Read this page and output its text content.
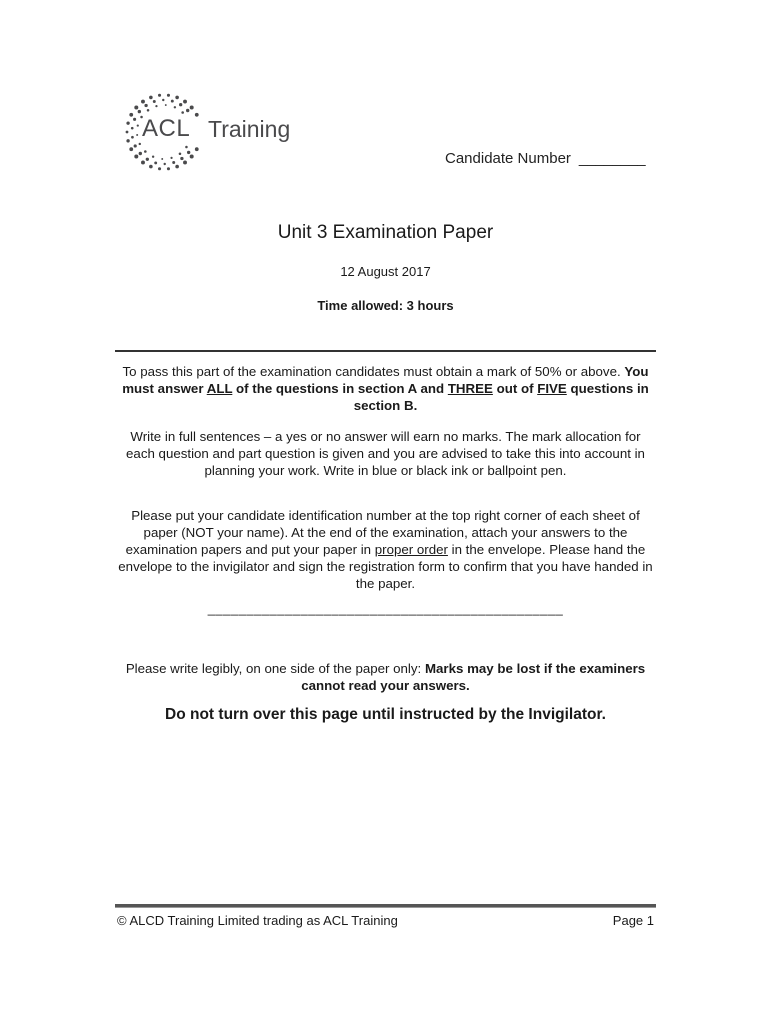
ACL Training
Candidate Number ________
Unit 3 Examination Paper
12 August 2017
Time allowed: 3 hours
To pass this part of the examination candidates must obtain a mark of 50% or above. You must answer ALL of the questions in section A and THREE out of FIVE questions in section B.
Write in full sentences – a yes or no answer will earn no marks. The mark allocation for each question and part question is given and you are advised to take this into account in planning your work. Write in blue or black ink or ballpoint pen.
Please put your candidate identification number at the top right corner of each sheet of paper (NOT your name). At the end of the examination, attach your answers to the examination papers and put your paper in proper order in the envelope. Please hand the envelope to the invigilator and sign the registration form to confirm that you have handed in the paper.
______________________________________________
Please write legibly, on one side of the paper only: Marks may be lost if the examiners cannot read your answers.
Do not turn over this page until instructed by the Invigilator.
© ALCD Training Limited trading as ACL Training	Page 1
